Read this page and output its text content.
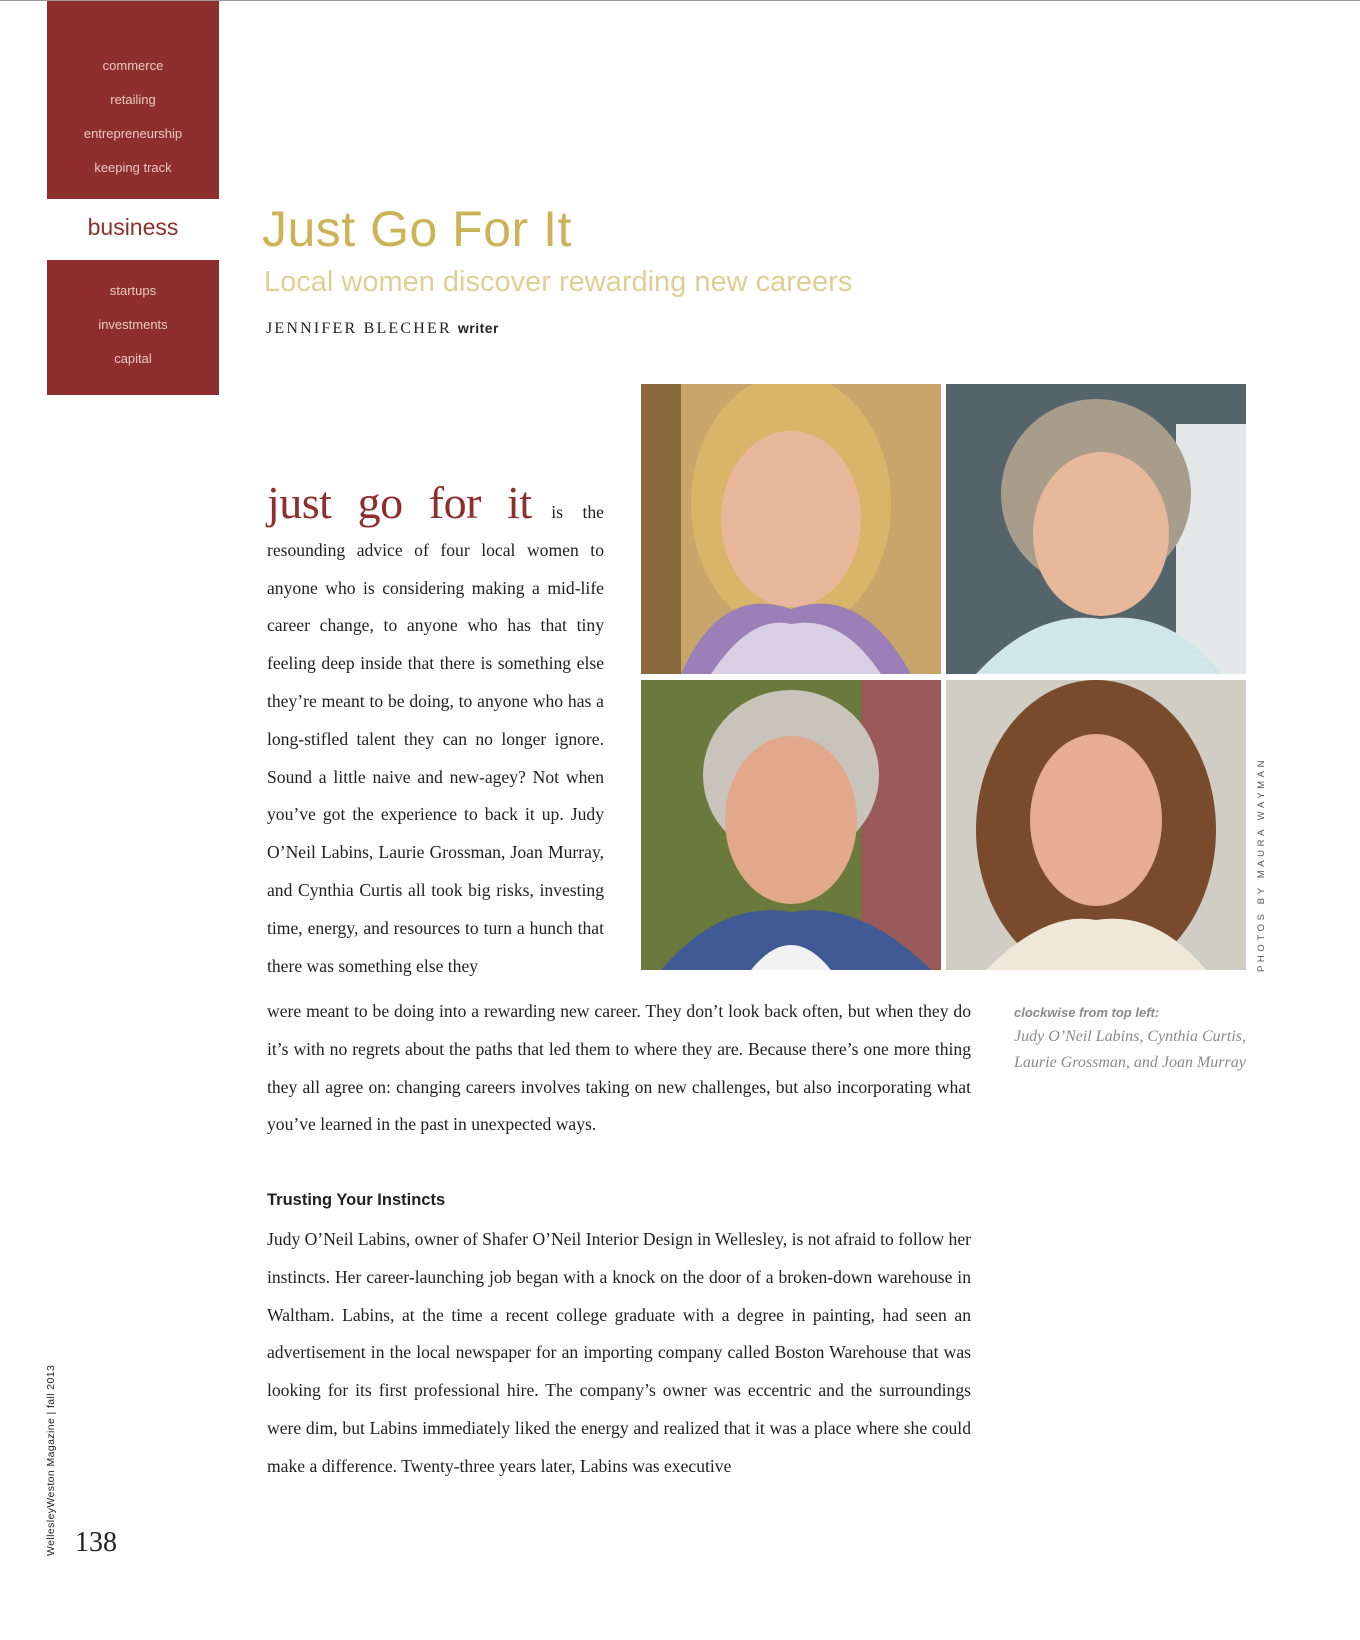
commerce
retailing
entrepreneurship
keeping track
business
startups
investments
capital
Just Go For It
Local women discover rewarding new careers
JENNIFER BLECHER writer
PHOTOS BY MAURA WAYMAN
clockwise from top left:
Judy O’Neil Labins, Cynthia Curtis, Laurie Grossman, and Joan Murray
just go for it is the resounding advice of four local women to anyone who is considering making a mid-life career change, to anyone who has that tiny feeling deep inside that there is something else they’re meant to be doing, to anyone who has a long-stifled talent they can no longer ignore. Sound a little naive and new-agey? Not when you’ve got the experience to back it up. Judy O’Neil Labins, Laurie Grossman, Joan Murray, and Cynthia Curtis all took big risks, investing time, energy, and resources to turn a hunch that there was something else they

were meant to be doing into a rewarding new career. They don’t look back often, but when they do it’s with no regrets about the paths that led them to where they are. Because there’s one more thing they all agree on: changing careers involves taking on new challenges, but also incorporating what you’ve learned in the past in unexpected ways.

Trusting Your Instincts

Judy O’Neil Labins, owner of Shafer O’Neil Interior Design in Wellesley, is not afraid to follow her instincts. Her career-launching job began with a knock on the door of a broken-down warehouse in Waltham. Labins, at the time a recent college graduate with a degree in painting, had seen an advertisement in the local newspaper for an importing company called Boston Warehouse that was looking for its first professional hire. The company’s owner was eccentric and the surroundings were dim, but Labins immediately liked the energy and realized that it was a place where she could make a difference. Twenty-three years later, Labins was executive

WellesleyWeston Magazine | fall 2013 138
